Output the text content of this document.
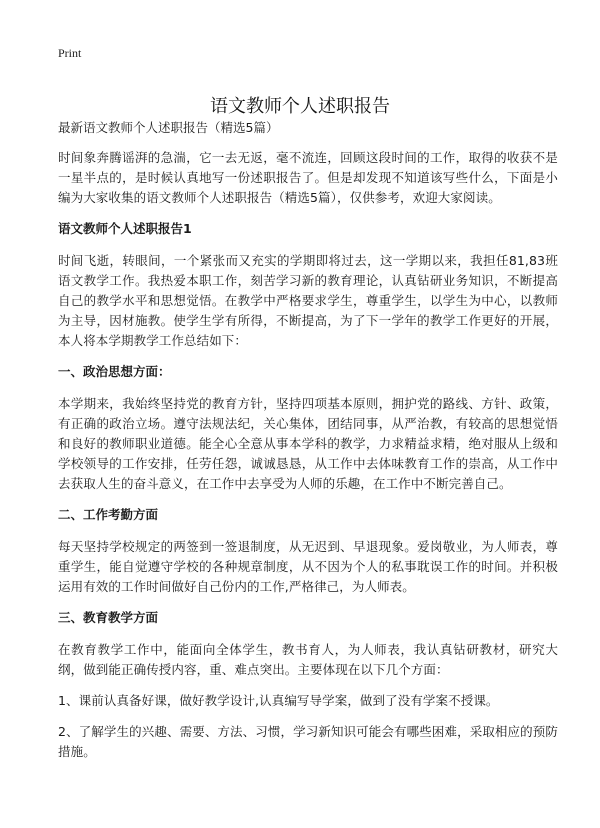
Print
语文教师个人述职报告

最新语文教师个人述职报告（精选5篇）

时间象奔腾谣湃的急湍，它一去无返，毫不流连，回顾这段时间的工作，取得的收获不是一星半点的，是时候认真地写一份述职报告了。但是却发现不知道该写些什么，下面是小编为大家收集的语文教师个人述职报告（精选5篇），仅供参考，欢迎大家阅读。

语文教师个人述职报告1

时间飞逝，转眼间，一个紧张而又充实的学期即将过去，这一学期以来，我担任81,83班语文教学工作。我热爱本职工作，刻苦学习新的教育理论，认真钻研业务知识，不断提高自己的教学水平和思想觉悟。在教学中严格要求学生，尊重学生，以学生为中心，以教师为主导，因材施教。使学生学有所得，不断提高，为了下一学年的教学工作更好的开展，本人将本学期教学工作总结如下：

一、政治思想方面：

本学期来，我始终坚持党的教育方针，坚持四项基本原则，拥护党的路线、方针、政策，有正确的政治立场。遵守法规法纪，关心集体，团结同事，从严治教，有较高的思想觉悟和良好的教师职业道德。能全心全意从事本学科的教学，力求精益求精，绝对服从上级和学校领导的工作安排，任劳任怨，诚诚恳恳，从工作中去体味教育工作的崇高，从工作中去获取人生的奋斗意义，在工作中去享受为人师的乐趣，在工作中不断完善自己。

二、工作考勤方面

每天坚持学校规定的两签到一签退制度，从无迟到、早退现象。爱岗敬业，为人师表，尊重学生，能自觉遵守学校的各种规章制度，从不因为个人的私事耽误工作的时间。并积极运用有效的工作时间做好自己份内的工作,严格律己，为人师表。

三、教育教学方面

在教育教学工作中，能面向全体学生，教书育人，为人师表，我认真钻研教材，研究大纲，做到能正确传授内容，重、难点突出。主要体现在以下几个方面：

1、课前认真备好课，做好教学设计,认真编写导学案，做到了没有学案不授课。

2、了解学生的兴趣、需要、方法、习惯，学习新知识可能会有哪些困难，采取相应的预防措施。
